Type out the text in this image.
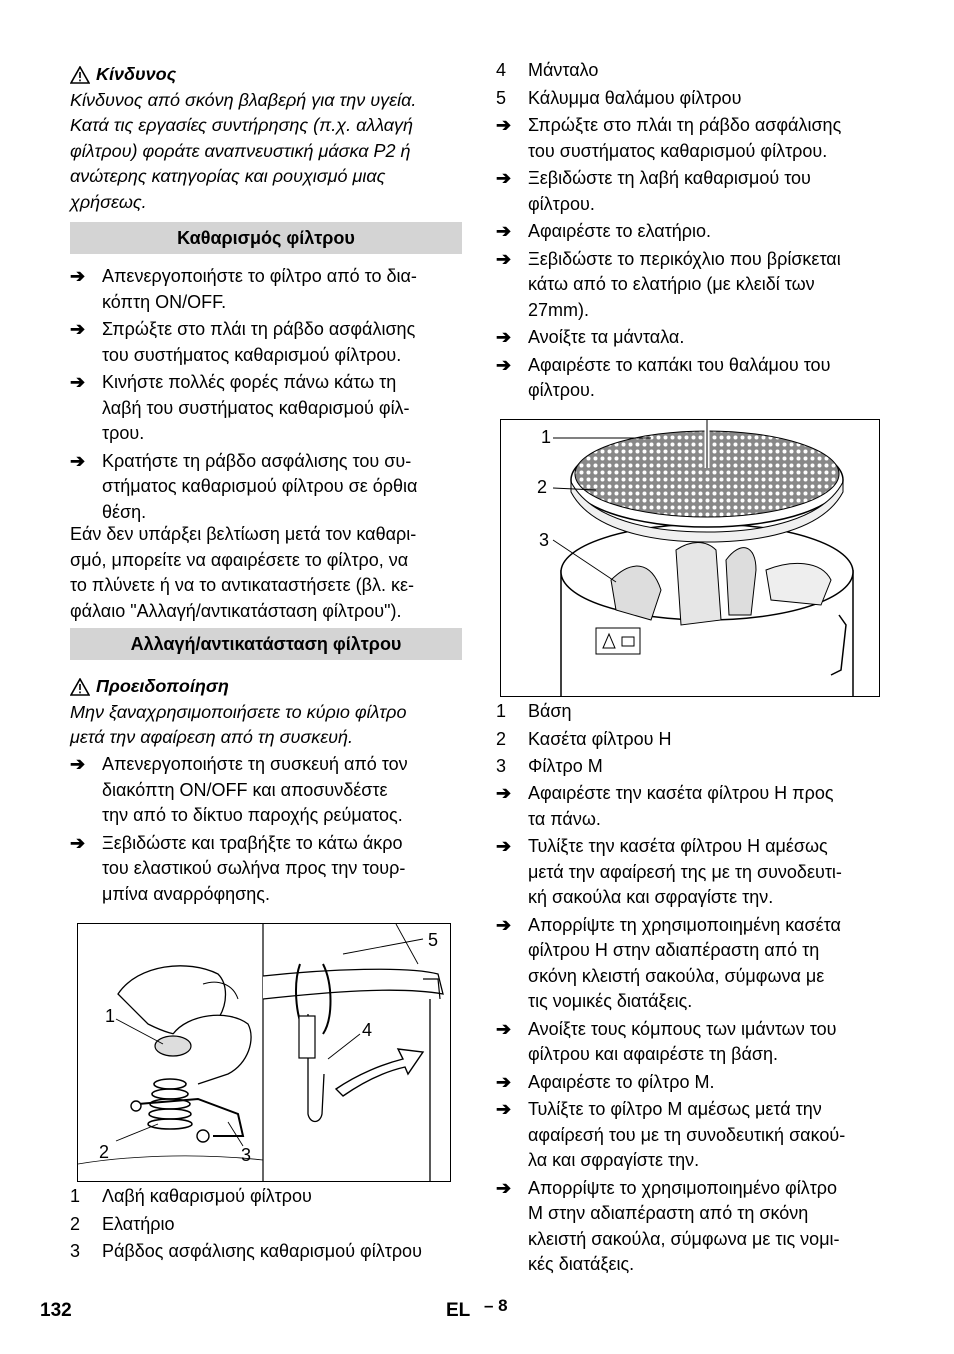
Κίνδυνος
Κίνδυνος από σκόνη βλαβερή για την υγεία.
Κατά τις εργασίες συντήρησης (π.χ. αλλαγή
φίλτρου) φοράτε αναπνευστική μάσκα P2 ή
ανώτερης κατηγορίας και ρουχισμό μιας
χρήσεως.
Καθαρισμός φίλτρου
➔ Απενεργοποιήστε το φίλτρο από το δια-
κόπτη ON/OFF.
➔ Σπρώξτε στο πλάι τη ράβδο ασφάλισης
του συστήματος καθαρισμού φίλτρου.
➔ Κινήστε πολλές φορές πάνω κάτω τη
λαβή του συστήματος καθαρισμού φίλ-
τρου.
➔ Κρατήστε τη ράβδο ασφάλισης του συ-
στήματος καθαρισμού φίλτρου σε όρθια
θέση.
Εάν δεν υπάρξει βελτίωση μετά τον καθαρι-
σμό, μπορείτε να αφαιρέσετε το φίλτρο, να
το πλύνετε ή να το αντικαταστήσετε (βλ. κε-
φάλαιο "Αλλαγή/αντικατάσταση φίλτρου").
Αλλαγή/αντικατάσταση φίλτρου
Προειδοποίηση
Μην ξαναχρησιμοποιήσετε το κύριο φίλτρο
μετά την αφαίρεση από τη συσκευή.
➔ Απενεργοποιήστε τη συσκευή από τον
διακόπτη ON/OFF και αποσυνδέστε
την από το δίκτυο παροχής ρεύματος.
➔ Ξεβιδώστε και τραβήξτε το κάτω άκρο
του ελαστικού σωλήνα προς την τουρ-
μπίνα αναρρόφησης.
1
2	3
4
5
1	Λαβή καθαρισμού φίλτρου
2	Ελατήριο
3	Ράβδος ασφάλισης καθαρισμού φίλτρου
4	Μάνταλο
5	Κάλυμμα θαλάμου φίλτρου
➔ Σπρώξτε στο πλάι τη ράβδο ασφάλισης
του συστήματος καθαρισμού φίλτρου.
➔ Ξεβιδώστε τη λαβή καθαρισμού του
φίλτρου.
➔ Αφαιρέστε το ελατήριο.
➔ Ξεβιδώστε το περικόχλιο που βρίσκεται
κάτω από το ελατήριο (με κλειδί των
27mm).
➔ Ανοίξτε τα μάνταλα.
➔ Αφαιρέστε το καπάκι του θαλάμου του
φίλτρου.
1
2
3
1	Βάση
2	Κασέτα φίλτρου H
3	Φίλτρο M
➔ Αφαιρέστε την κασέτα φίλτρου H προς
τα πάνω.
➔ Τυλίξτε την κασέτα φίλτρου H αμέσως
μετά την αφαίρεσή της με τη συνοδευτι-
κή σακούλα και σφραγίστε την.
➔ Απορρίψτε τη χρησιμοποιημένη κασέτα
φίλτρου H στην αδιαπέραστη από τη
σκόνη κλειστή σακούλα, σύμφωνα με
τις νομικές διατάξεις.
➔ Ανοίξτε τους κόμπους των ιμάντων του
φίλτρου και αφαιρέστε τη βάση.
➔ Αφαιρέστε το φίλτρο M.
➔ Τυλίξτε το φίλτρο M αμέσως μετά την
αφαίρεσή του με τη συνοδευτική σακού-
λα και σφραγίστε την.
➔ Απορρίψτε το χρησιμοποιημένο φίλτρο
M στην αδιαπέραστη από τη σκόνη
κλειστή σακούλα, σύμφωνα με τις νομι-
κές διατάξεις.
132	EL – 8
